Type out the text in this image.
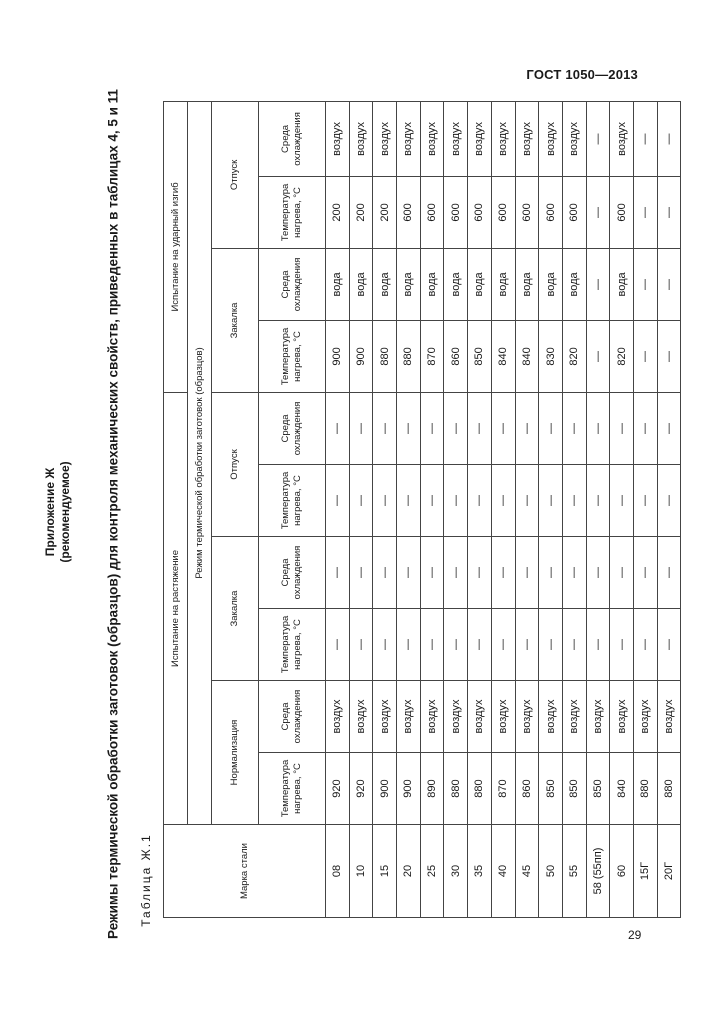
ГОСТ 1050—2013
Приложение Ж (рекомендуемое) Режимы термической обработки заготовок (образцов) для контроля механических свойств, приведенных в таблицах 4, 5 и 11 Таблица Ж.1	Марка стали	Испытание на растяжение						Испытание на ударный изгиб			
	Режим термической обработки заготовок (образцов)									
	Нормализация		Закалка		Отпуск		Закалка		Отпуск	
	Температура нагрева, °С	Среда охлаждения	Температура нагрева, °С	Среда охлаждения	Температура нагрева, °С	Среда охлаждения	Температура нагрева, °С	Среда охлаждения	Температура нагрева, °С	Среда охлаждения
08	920	воздух	—	—	—	—	900	вода	200	воздух
10	920	воздух	—	—	—	—	900	вода	200	воздух
15	900	воздух	—	—	—	—	880	вода	200	воздух
20	900	воздух	—	—	—	—	880	вода	600	воздух
25	890	воздух	—	—	—	—	870	вода	600	воздух
30	880	воздух	—	—	—	—	860	вода	600	воздух
35	880	воздух	—	—	—	—	850	вода	600	воздух
40	870	воздух	—	—	—	—	840	вода	600	воздух
45	860	воздух	—	—	—	—	840	вода	600	воздух
50	850	воздух	—	—	—	—	830	вода	600	воздух
55	850	воздух	—	—	—	—	820	вода	600	воздух
58 (55пп)	850	воздух	—	—	—	—	—	—	—	—
60	840	воздух	—	—	—	—	820	вода	600	воздух
15Г	880	воздух	—	—	—	—	—	—	—	—
20Г	880	воздух	—	—	—	—	—	—	—	—
29
